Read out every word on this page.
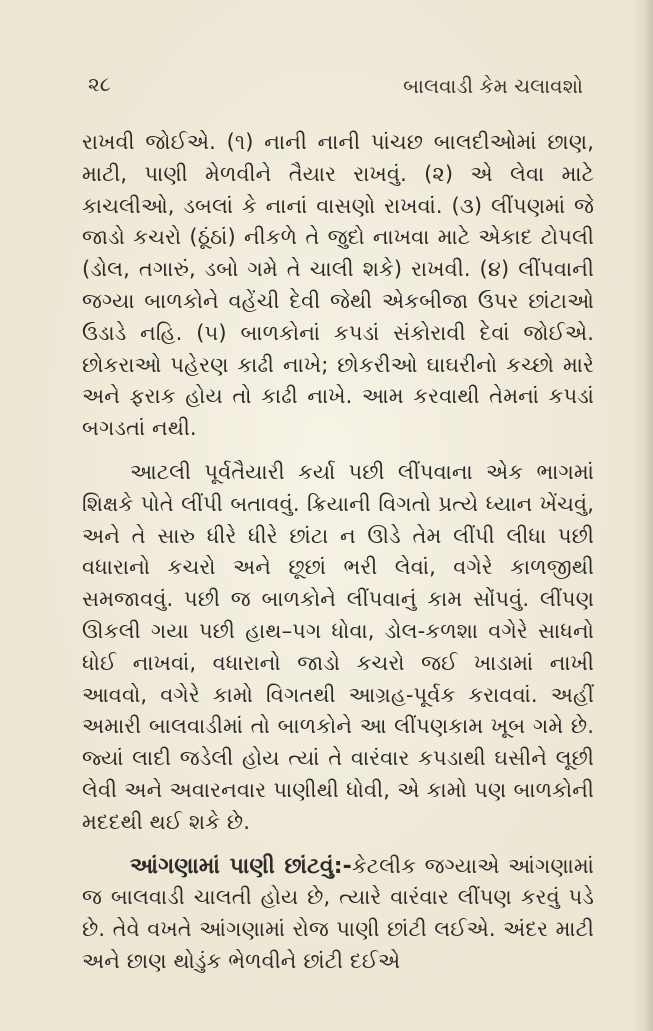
૨૮	બાલવાડી કેમ ચલાવશો

રાખવી જોઈએ. (૧) નાની નાની પાંચછ બાલદીઓમાં છાણ, માટી, પાણી મેળવીને તૈયાર રાખવું. (૨) એ લેવા માટે કાચલીઓ, ડબલાં કે નાનાં વાસણો રાખવાં. (૩) લીંપણમાં જે જાડો કચરો (ઠૂંઠાં) નીકળે તે જુદો નાખવા માટે એકાદ ટોપલી (ડોલ, તગારું, ડબો ગમે તે ચાલી શકે) રાખવી. (૪) લીંપવાની જગ્યા બાળકોને વહેંચી દેવી જેથી એકબીજા ઉપર છાંટાઓ ઉડાડે નહિ. (૫) બાળકોનાં કપડાં સંકોરાવી દેવાં જોઈએ. છોકરાઓ પહેરણ કાઢી નાખે; છોકરીઓ ઘાઘરીનો કચ્છો મારે અને ફરાક હોય તો કાઢી નાખે. આમ કરવાથી તેમનાં કપડાં બગડતાં નથી.

આટલી પૂર્વતૈયારી કર્યા પછી લીંપવાના એક ભાગમાં શિક્ષકે પોતે લીંપી બતાવવું. ક્રિયાની વિગતો પ્રત્યે ધ્યાન ખેંચવું, અને તે સારુ ધીરે ધીરે છાંટા ન ઊડે તેમ લીંપી લીધા પછી વધારાનો કચરો અને છૂછાં ભરી લેવાં, વગેરે કાળજીથી સમજાવવું. પછી જ બાળકોને લીંપવાનું કામ સોંપવું. લીંપણ ઊકલી ગયા પછી હાથ–પગ ધોવા, ડોલ-કળશા વગેરે સાધનો ધોઈ નાખવાં, વધારાનો જાડો કચરો જઈ ખાડામાં નાખી આવવો, વગેરે કામો વિગતથી આગ્રહ-પૂર્વક કરાવવાં. અહીં અમારી બાલવાડીમાં તો બાળકોને આ લીંપણકામ ખૂબ ગમે છે. જ્યાં લાદી જડેલી હોય ત્યાં તે વારંવાર કપડાથી ઘસીને લૂછી લેવી અને અવારનવાર પાણીથી ધોવી, એ કામો પણ બાળકોની મદદથી થઈ શકે છે.

આંગણામાં પાણી છાંટવું:-કેટલીક જગ્યાએ આંગણામાં જ બાલવાડી ચાલતી હોય છે, ત્યારે વારંવાર લીંપણ કરવું પડે છે. તેવે વખતે આંગણામાં રોજ પાણી છાંટી લઈએ. અંદર માટી અને છાણ થોડુંક ભેળવીને છાંટી દઈએ
